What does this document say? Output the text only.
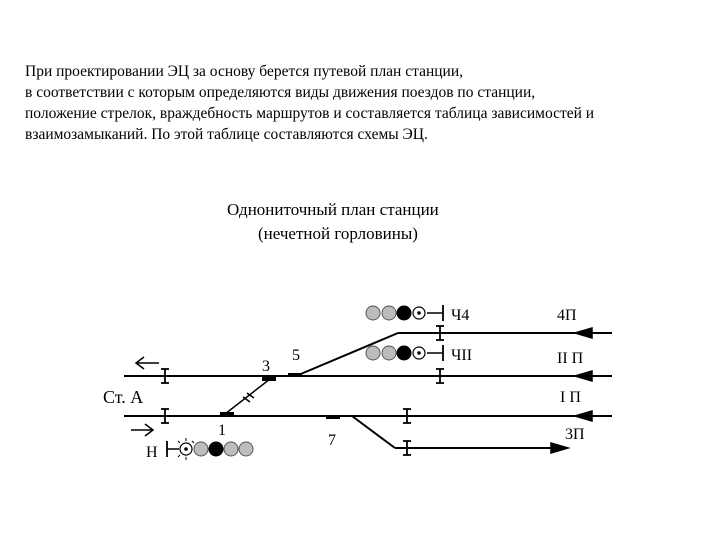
При проектировании ЭЦ за основу берется путевой план станции,
в соответствии с которым определяются виды движения поездов по станции,
положение стрелок, враждебность маршрутов и составляется таблица зависимостей и
взаимозамыканий. По этой таблице составляются схемы ЭЦ.
Однониточный план станции
(нечетной горловины)
Ст. А
Н
1
3
5
7
Ч4
ЧII
4П
II П
I П
3П
